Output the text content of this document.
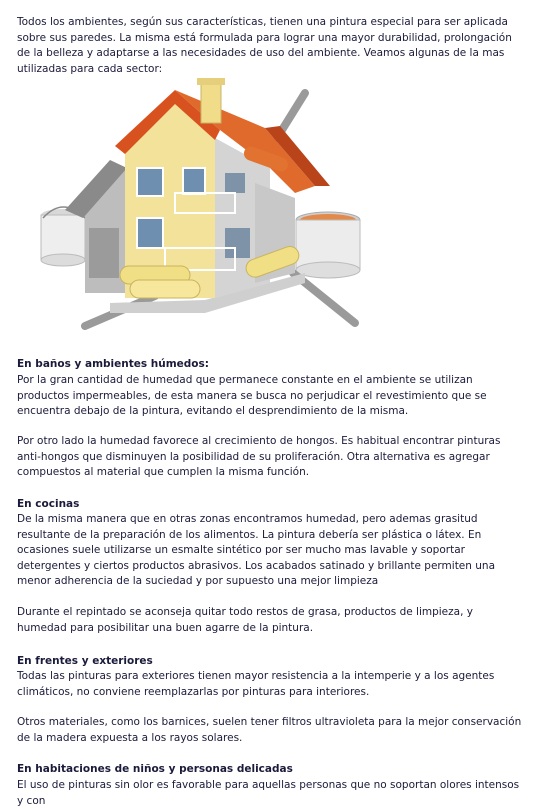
Todos los ambientes, según sus características, tienen una pintura especial para ser aplicada sobre sus paredes. La misma está formulada para lograr una mayor durabilidad, prolongación de la belleza y adaptarse a las necesidades de uso del ambiente. Veamos algunas de la mas utilizadas para cada sector:

En baños y ambientes húmedos:

Por la gran cantidad de humedad que permanece constante en el ambiente se utilizan productos impermeables, de esta manera se busca no perjudicar el revestimiento que se encuentra debajo de la pintura, evitando el desprendimiento de la misma.

Por otro lado la humedad favorece al crecimiento de hongos. Es habitual encontrar pinturas anti-hongos que disminuyen la posibilidad de su proliferación. Otra alternativa es agregar compuestos al material que cumplen la misma función.

En cocinas

De la misma manera que en otras zonas encontramos humedad, pero ademas grasitud resultante de la preparación de los alimentos. La pintura debería ser plástica o látex. En ocasiones suele utilizarse un esmalte sintético por ser mucho mas lavable y soportar detergentes y ciertos productos abrasivos. Los acabados satinado y brillante permiten una menor adherencia de la suciedad y por supuesto una mejor limpieza

Durante el repintado se aconseja quitar todo restos de grasa, productos de limpieza, y humedad para posibilitar una buen agarre de la pintura.

En frentes y exteriores

Todas las pinturas para exteriores tienen mayor resistencia a la intemperie y a los agentes climáticos, no conviene reemplazarlas por pinturas para interiores.

Otros materiales, como los barnices, suelen tener filtros ultravioleta para la mejor conservación de la madera expuesta a los rayos solares.

En habitaciones de niños y personas delicadas

El uso de pinturas sin olor es favorable para aquellas personas que no soportan olores intensos y con
